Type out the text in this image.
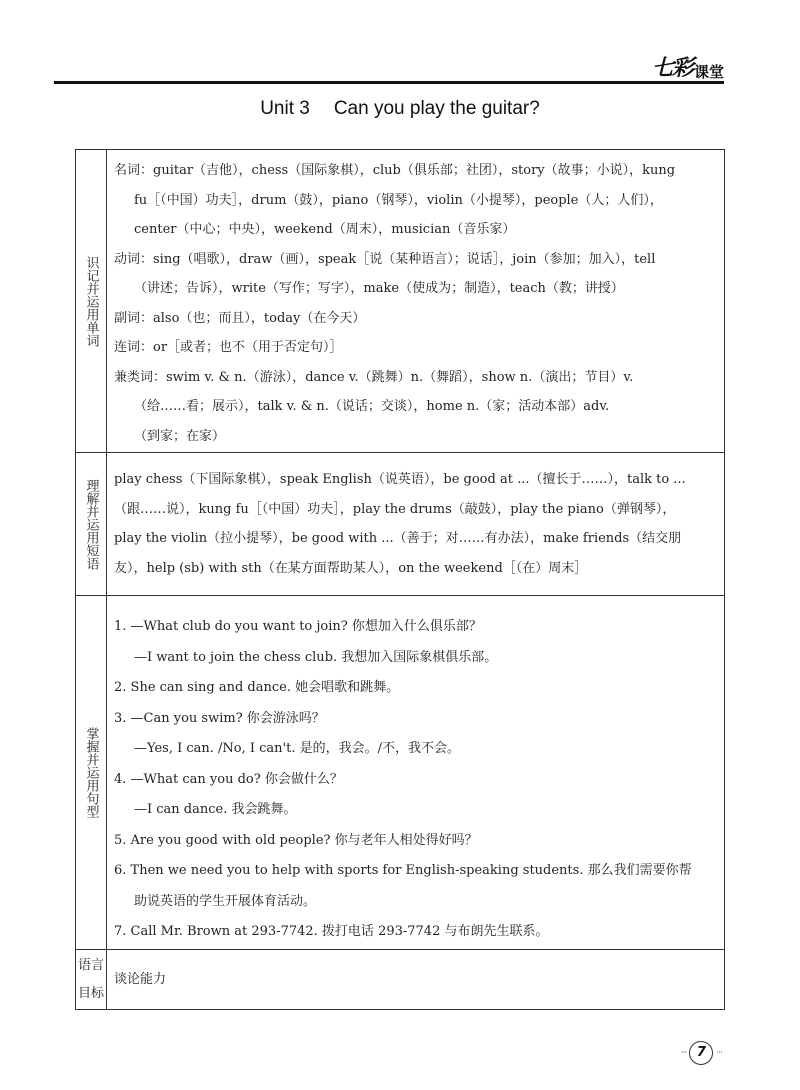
七彩 课堂
Unit 3 Can you play the guitar?
识记并运用单词
名词：guitar（吉他），chess（国际象棋），club（俱乐部；社团），story（故事；小说），kung
fu［（中国）功夫］，drum（鼓），piano（钢琴），violin（小提琴），people（人；人们），
center（中心；中央），weekend（周末），musician（音乐家）
动词：sing（唱歌），draw（画），speak［说（某种语言）；说话］，join（参加；加入），tell
（讲述；告诉），write（写作；写字），make（使成为；制造），teach（教；讲授）
副词：also（也；而且），today（在今天）
连词：or［或者；也不（用于否定句）］
兼类词：swim v. & n.（游泳），dance v.（跳舞）n.（舞蹈），show n.（演出；节目）v.
（给……看；展示），talk v. & n.（说话；交谈），home n.（家；活动本部）adv.
（到家；在家）
理解并运用短语	play chess（下国际象棋），speak English（说英语），be good at ...（擅长于……），talk to ...
（跟……说），kung fu［（中国）功夫］，play the drums（敲鼓），play the piano（弹钢琴），
play the violin（拉小提琴），be good with ...（善于；对……有办法），make friends（结交朋
友），help (sb) with sth（在某方面帮助某人），on the weekend［（在）周末］
掌握并运用句型
1. —What club do you want to join? 你想加入什么俱乐部？
—I want to join the chess club. 我想加入国际象棋俱乐部。
2. She can sing and dance. 她会唱歌和跳舞。
3. —Can you swim? 你会游泳吗？
—Yes, I can. /No, I can't. 是的，我会。/不，我不会。
4. —What can you do? 你会做什么？
—I can dance. 我会跳舞。
5. Are you good with old people? 你与老年人相处得好吗？
6. Then we need you to help with sports for English-speaking students. 那么我们需要你帮
助说英语的学生开展体育活动。
7. Call Mr. Brown at 293-7742. 拨打电话 293-7742 与布朗先生联系。
语言目标
谈论能力
··· 7	···
